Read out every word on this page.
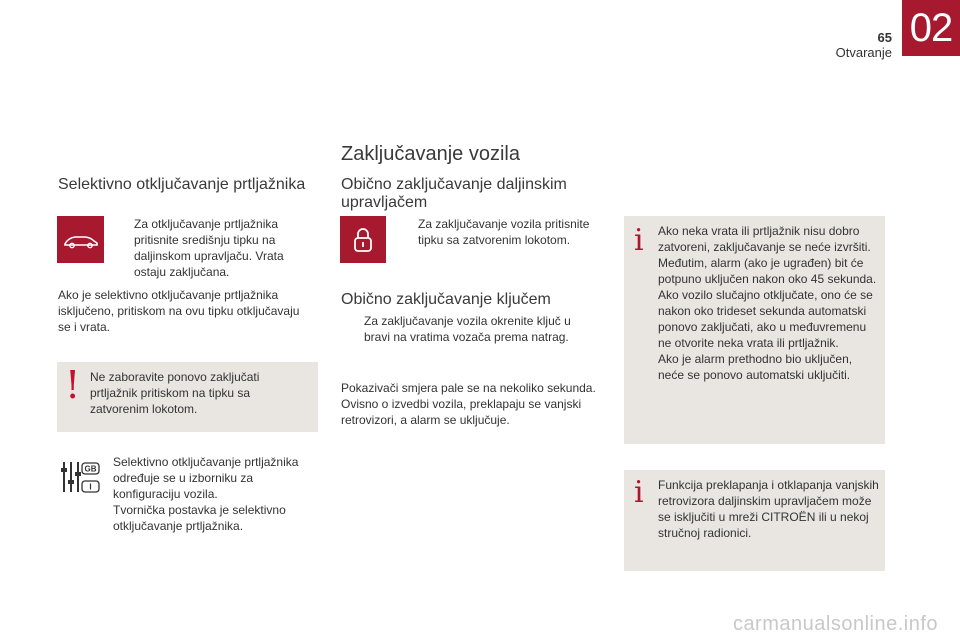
65
Otvaranje
02
Selektivno otključavanje prtljažnika
Za otključavanje prtljažnika pritisnite središnju tipku na daljinskom upravljaču. Vrata ostaju zaključana.
Ako je selektivno otključavanje prtljažnika isključeno, pritiskom na ovu tipku otključavaju se i vrata.
! Ne zaboravite ponovo zaključati prtljažnik pritiskom na tipku sa zatvorenim lokotom.
GB
I
Selektivno otključavanje prtljažnika određuje se u izborniku za konfiguraciju vozila.
Tvornička postavka je selektivno otključavanje prtljažnika.
Zaključavanje vozila
Obično zaključavanje daljinskim upravljačem
Za zaključavanje vozila pritisnite tipku sa zatvorenim lokotom.
Obično zaključavanje ključem
Za zaključavanje vozila okrenite ključ u bravi na vratima vozača prema natrag.
Pokazivači smjera pale se na nekoliko sekunda.
Ovisno o izvedbi vozila, preklapaju se vanjski retrovizori, a alarm se uključuje.
i Ako neka vrata ili prtljažnik nisu dobro zatvoreni, zaključavanje se neće izvršiti.
Međutim, alarm (ako je ugrađen) bit će potpuno uključen nakon oko 45 sekunda.
Ako vozilo slučajno otključate, ono će se nakon oko trideset sekunda automatski ponovo zaključati, ako u međuvremenu ne otvorite neka vrata ili prtljažnik.
Ako je alarm prethodno bio uključen, neće se ponovo automatski uključiti.
i Funkcija preklapanja i otklapanja vanjskih retrovizora daljinskim upravljačem može se isključiti u mreži CITROËN ili u nekoj stručnoj radionici.
carmanualsonline.info
